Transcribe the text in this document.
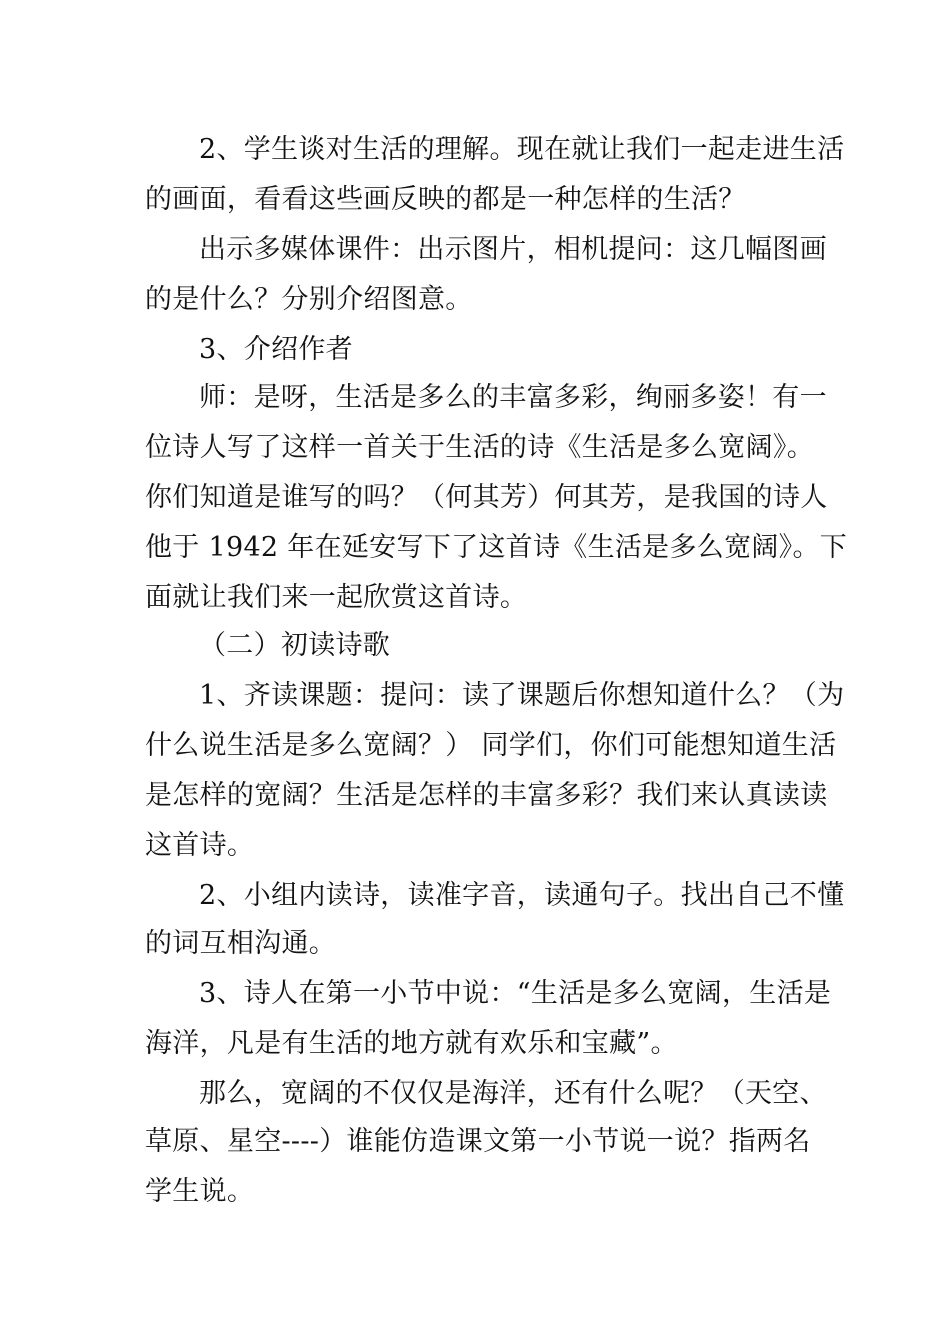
2、学生谈对生活的理解。现在就让我们一起走进生活
的画面，看看这些画反映的都是一种怎样的生活？
出示多媒体课件：出示图片，相机提问：这几幅图画
的是什么？分别介绍图意。
3、介绍作者
师：是呀，生活是多么的丰富多彩，绚丽多姿！有一
位诗人写了这样一首关于生活的诗《生活是多么宽阔》。
你们知道是谁写的吗？（何其芳）何其芳，是我国的诗人
他于 1942 年在延安写下了这首诗《生活是多么宽阔》。下
面就让我们来一起欣赏这首诗。
（二）初读诗歌
1、齐读课题：提问：读了课题后你想知道什么？（为
什么说生活是多么宽阔？） 同学们，你们可能想知道生活
是怎样的宽阔？生活是怎样的丰富多彩？我们来认真读读
这首诗。
2、小组内读诗，读准字音，读通句子。找出自己不懂
的词互相沟通。
3、诗人在第一小节中说：“生活是多么宽阔，生活是
海洋，凡是有生活的地方就有欢乐和宝藏”。
那么，宽阔的不仅仅是海洋，还有什么呢？（天空、
草原、星空----）谁能仿造课文第一小节说一说？指两名
学生说。
